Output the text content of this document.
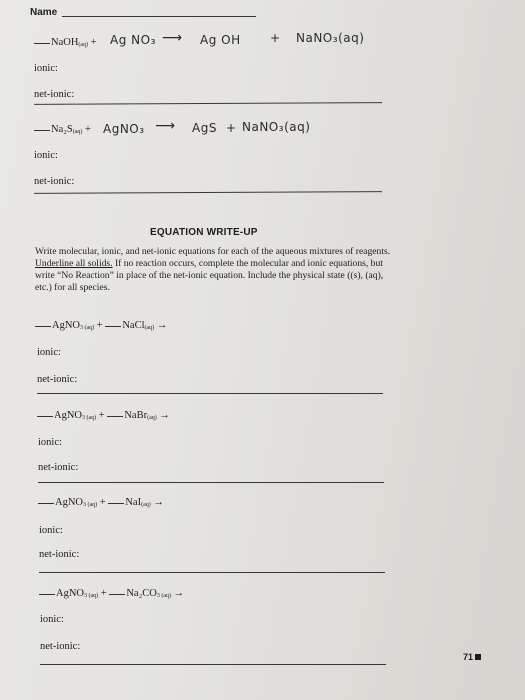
Name
NaOH$_{(aq)}$ + Ag NO₃ ⟶ Ag OH + NaNO₃(aq)
ionic:
net-ionic:
$Na_2S_{(aq)}$ + AgNO₃ ⟶ AgS + NaNO₃(aq)
ionic:
net-ionic:
EQUATION WRITE-UP
Write molecular, ionic, and net-ionic equations for each of the aqueous mixtures of reagents. Underline all solids. If no reaction occurs, complete the molecular and ionic equations, but write “No Reaction” in place of the net-ionic equation. Include the physical state ((s), (aq), etc.) for all species.
AgNO$_{3 (aq)}$ + NaCl$_{(aq)}$ →
ionic:
net-ionic:
AgNO$_{3 (aq)}$ + NaBr$_{(aq)}$ →
ionic:
net-ionic:
AgNO$_{3 (aq)}$ + NaI$_{(aq)}$ →
ionic:
net-ionic:
AgNO$_{3 (aq)}$ + $Na_2CO_{3 (aq)}$ →
ionic:
net-ionic:
71
